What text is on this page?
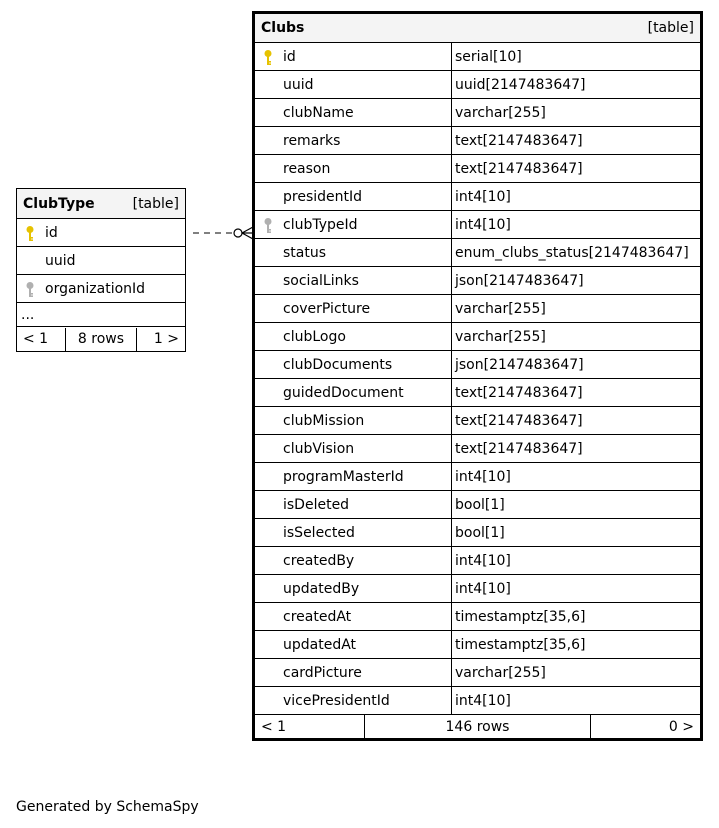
ClubType	[table]

id
uuid

organizationId
...

< 1	8 rows	1 >
Clubs	[table]

id	serial[10]
uuid	uuid[2147483647]
clubName	varchar[255]
remarks	text[2147483647]
reason	text[2147483647]
presidentId	int4[10]

clubTypeId	int4[10]
status	enum_clubs_status[2147483647]
socialLinks	json[2147483647]
coverPicture	varchar[255]
clubLogo	varchar[255]
clubDocuments	json[2147483647]
guidedDocument	text[2147483647]
clubMission	text[2147483647]
clubVision	text[2147483647]
programMasterId	int4[10]
isDeleted	bool[1]
isSelected	bool[1]
createdBy	int4[10]
updatedBy	int4[10]
createdAt	timestamptz[35,6]
updatedAt	timestamptz[35,6]
cardPicture	varchar[255]
vicePresidentId	int4[10]

< 1	146 rows	0 >
Generated by SchemaSpy
